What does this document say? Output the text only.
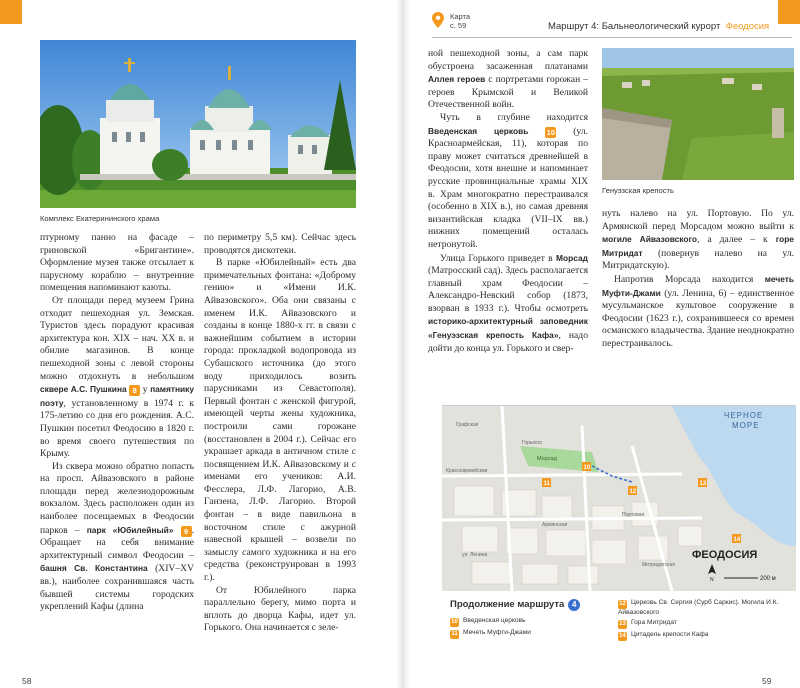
Комплекс Екатерининского храма

птурному панно на фасаде – гриновской «Бригантине». Оформление музея также отсылает к парусному кораблю – внутренние помещения напоминают каюты.

От площади перед музеем Грина отходит пешеходная ул. Земская. Туристов здесь порадуют красивая архитектура кон. XIX – нач. XX в. и обилие магазинов. В конце пешеходной зоны с левой стороны можно отдохнуть в небольшом сквере А.С. Пушкина 8 у памятнику поэту, установленному в 1974 г. к 175-летию со дня его рождения. А.С. Пушкин посетил Феодосию в 1820 г. во время своего путешествия по Крыму.

Из сквера можно обратно попасть на просп. Айвазовского в районе площади перед железнодорожным вокзалом. Здесь расположен один из наиболее посещаемых в Феодосии парков – парк «Юбилейный» 9 . Обращает на себя внимание архитектурный символ Феодосии – башня Св. Константина (XIV–XV вв.), наиболее сохранившаяся часть бывшей системы городских укреплений Кафы (длина

по периметру 5,5 км). Сейчас здесь проводятся дискотеки.

В парке «Юбилейный» есть два примечательных фонтана: «Доброму гению» и «Имени И.К. Айвазовского». Оба они связаны с именем И.К. Айвазовского и созданы в конце 1880-х гг. в связи с важнейшим событием в истории города: прокладкой водопровода из Субашского источника (до этого воду приходилось возить парусниками из Севастополя). Первый фонтан с женской фигурой, имеющей черты жены художника, построили сами горожане (восстановлен в 2004 г.). Сейчас его украшает аркада в античном стиле с посвящением И.К. Айвазовскому и с именами его учеников: А.И. Фесслера, Л.Ф. Лагорио, А.В. Ганзена, Л.Ф. Лагорио. Второй фонтан – в виде павильона в восточном стиле с ажурной навесной крышей – возвели по замыслу самого художника и на его средства (реконструирован в 1993 г.).

От Юбилейного парка параллельно берегу, мимо порта и вплоть до дворца Кафы, идет ул. Горького. Она начинается с зеле-

58
Карта
с. 59	Маршрут 4: Бальнеологический курорт Феодосия

ной пешеходной зоны, а сам парк обустроена засаженная платанами Аллея героев с портретами горожан – героев Крымской и Великой Отечественной войн.

Чуть в глубине находится Введенская церковь 10 (ул. Красноармейская, 11), которая по праву может считаться древнейшей в Феодосии, хотя внешне и напоминает русские провинциальные храмы XIX в. Храм многократно перестраивался (особенно в XIX в.), но самая древняя византийская кладка (VII–IX вв.) нижних помещений осталась нетронутой.

Улица Горького приведет в Морсад (Матросский сад). Здесь располагается главный храм Феодосии – Александро-Невский собор (1873, взорван в 1933 г.). Чтобы осмотреть историко-архитектурный заповедник «Генуэзская крепость Кафа», надо дойти до конца ул. Горького и свер-

Генуэзская крепость

нуть налево на ул. Портовую. По ул. Армянской перед Морсадом можно выйти к могиле Айвазовского, а далее – к горе Митридат (повернув налево на ул. Митридатскую).

Напротив Морсада находится мечеть Муфти-Джами (ул. Ленина, 6) – единственное мусульманское культовое сооружение в Феодосии (1623 г.), сохранившееся со времен османского владычества. Здание неоднократно перестраивалось.

10
11
12
13
14
ЧЕРНОЕ
МОРЕ
Морсад
ФЕОДОСИЯ
Красноармейская
Горького
Портовая
Графская
Армянская
ул. Ленина
Митридатская
N	200 м
Продолжение маршрута 4
10 Введенская церковь
11 Мечеть Муфти-Джами
12 Церковь Св. Сергия (Сурб Саркис). Могила И.К. Айвазовского
13 Гора Митридат
14 Цитадель крепости Кафа
59
